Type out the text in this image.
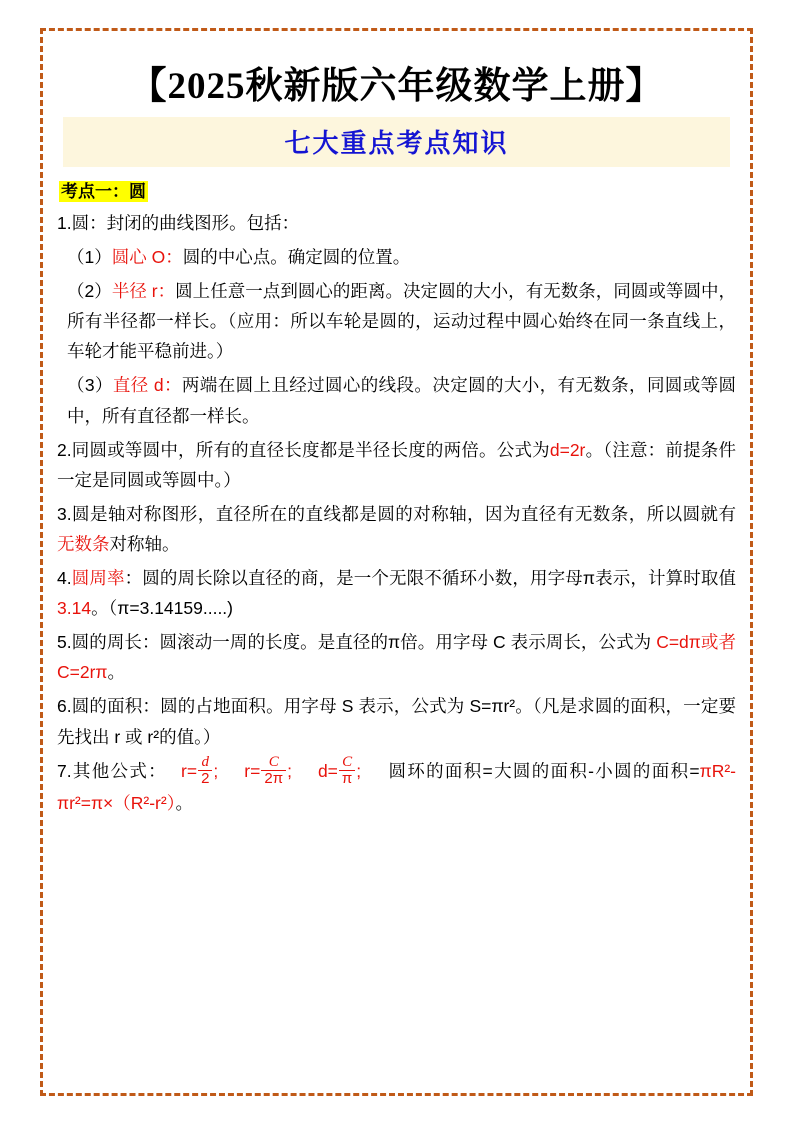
【2025秋新版六年级数学上册】
七大重点考点知识
考点一：圆
1.圆：封闭的曲线图形。包括：
（1）圆心 O：圆的中心点。确定圆的位置。
（2）半径 r：圆上任意一点到圆心的距离。决定圆的大小，有无数条，同圆或等圆中，所有半径都一样长。（应用：所以车轮是圆的，运动过程中圆心始终在同一条直线上，车轮才能平稳前进。）
（3）直径 d：两端在圆上且经过圆心的线段。决定圆的大小，有无数条，同圆或等圆中，所有直径都一样长。
2.同圆或等圆中，所有的直径长度都是半径长度的两倍。公式为d=2r。（注意：前提条件一定是同圆或等圆中。）
3.圆是轴对称图形，直径所在的直线都是圆的对称轴，因为直径有无数条，所以圆就有无数条对称轴。
4.圆周率：圆的周长除以直径的商，是一个无限不循环小数，用字母π表示，计算时取值 3.14。（π=3.14159.....)
5.圆的周长：圆滚动一周的长度。是直径的π倍。用字母 C 表示周长，公式为 C=dπ或者 C=2rπ。
6.圆的面积：圆的占地面积。用字母 S 表示，公式为 S=πr²。（凡是求圆的面积，一定要先找出 r 或 r²的值。）
7.其他公式： $r= \frac{d}{2}$ ; $r= \frac{C}{2\pi}$ ; $d= \frac{C}{\pi}$ ; 圆环的面积=大圆的面积-小圆的面积=πR²-πr²=π×（R²-r²）。
